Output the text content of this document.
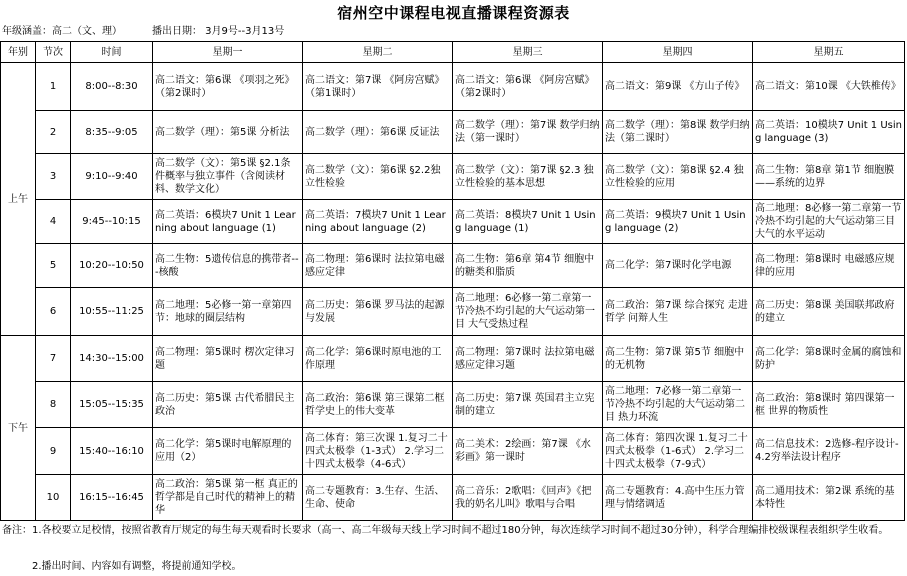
宿州空中课程电视直播课程资源表
年级涵盖：高二（文、理）	播出日期： 3月9号--3月13号
年别	节次	时间	星期一	星期二	星期三	星期四	星期五
上午	1	8:00--8:30	高二语文：第6课 《项羽之死》（第2课时）	高二语文：第7课 《阿房宫赋》（第1课时）	高二语文：第6课 《阿房宫赋》（第2课时）	高二语文：第9课 《方山子传》	高二语文：第10课 《大铁椎传》

	2	8:35--9:05	高二数学（理）：第5课 分析法	高二数学（理）：第6课 反证法	高二数学（理）：第7课 数学归纳法（第一课时）	高二数学（理）：第8课 数学归纳法（第二课时）	高二英语：10模块7 Unit 1 Using language (3)

	3	9:10--9:40	高二数学（文）：第5课 §2.1条件概率与独立事件（含阅读材料、数学文化）	高二数学（文）：第6课 §2.2独立性检验	高二数学（文）：第7课 §2.3 独立性检验的基本思想	高二数学（文）：第8课 §2.4 独立性检验的应用	高二生物：第8章 第1节 细胞膜——系统的边界

	4	9:45--10:15	高二英语：6模块7 Unit 1 Learning about language (1)	高二英语：7模块7 Unit 1 Learning about language (2)	高二英语：8模块7 Unit 1 Using language (1)	高二英语：9模块7 Unit 1 Using language (2)	高二地理：8必修一第二章第一节冷热不均引起的大气运动第三目 大气的水平运动

	5	10:20--10:50	高二生物：5遗传信息的携带者---核酸	高二物理：第6课时 法拉第电磁感应定律	高二生物：第6章 第4节 细胞中的糖类和脂质	高二化学：第7课时化学电源	高二物理：第8课时 电磁感应规律的应用

	6	10:55--11:25	高二地理：5必修一第一章第四节：地球的圈层结构	高二历史：第6课 罗马法的起源与发展	高二地理：6必修一第二章第一节冷热不均引起的大气运动第一目 大气受热过程	高二政治：第7课 综合探究 走进哲学 问辩人生	高二历史：第8课 美国联邦政府的建立

下午	7	14:30--15:00	高二物理：第5课时 楞次定律习题	高二化学：第6课时原电池的工作原理	高二物理：第7课时 法拉第电磁感应定律习题	高二生物：第7课 第5节 细胞中的无机物	高二化学：第8课时金属的腐蚀和防护

	8	15:05--15:35	高二历史：第5课 古代希腊民主政治	高二政治：第6课 第三课第二框 哲学史上的伟大变革	高二历史：第7课 英国君主立宪制的建立	高二地理：7必修一第二章第一节冷热不均引起的大气运动第二目 热力环流	高二政治：第8课时 第四课第一框 世界的物质性

	9	15:40--16:10	高二化学：第5课时电解原理的应用（2）	高二体育：第三次课 1.复习二十四式太极拳（1-3式） 2.学习二十四式太极拳（4-6式）	高二美术：2绘画：第7课 《水彩画》第一课时	高二体育：第四次课 1.复习二十四式太极拳（1-6式） 2.学习二十四式太极拳（7-9式）	高二信息技术：2选修-程序设计-4.2穷举法设计程序

	10	16:15--16:45	高二政治：第5课 第一框 真正的哲学都是自己时代的精神上的精华	高二专题教育：3.生存、生活、生命、使命	高二音乐：2歌唱：《回声》《把我的奶名儿叫》歌唱与合唱	高二专题教育：4.高中生压力管理与情绪调适	高二通用技术：第2课 系统的基本特性
备注：1.各校要立足校情，按照省教育厅规定的每生每天观看时长要求（高一、高二年级每天线上学习时间不超过180分钟，每次连续学习时间不超过30分钟），科学合理编排校级课程表组织学生收看。
2.播出时间、内容如有调整，将提前通知学校。
